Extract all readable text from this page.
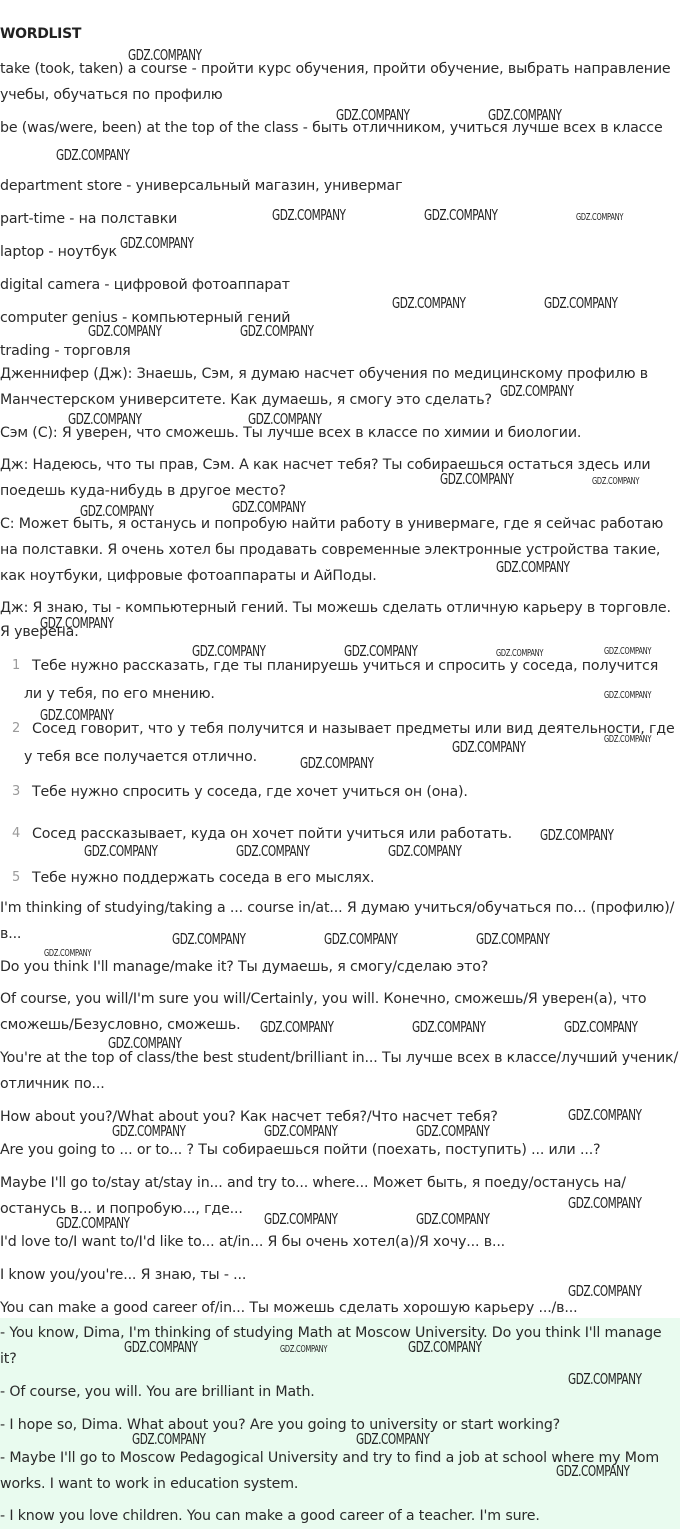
WORDLIST

take (took, taken) a course - пройти курс обучения, пройти обучение, выбрать направление учебы, обучаться по профилю

be (was/were, been) at the top of the class - быть отличником, учиться лучше всех в классе

department store - универсальный магазин, универмаг

part-time - на полставки

laptop - ноутбук

digital camera - цифровой фотоаппарат

computer genius - компьютерный гений

trading - торговля

Дженнифер (Дж): Знаешь, Сэм, я думаю насчет обучения по медицинскому профилю в Манчестерском университете. Как думаешь, я смогу это сделать?

Сэм (С): Я уверен, что сможешь. Ты лучше всех в классе по химии и биологии.

Дж: Надеюсь, что ты прав, Сэм. А как насчет тебя? Ты собираешься остаться здесь или поедешь куда-нибудь в другое место?

С: Может быть, я останусь и попробую найти работу в универмаге, где я сейчас работаю на полставки. Я очень хотел бы продавать современные электронные устройства такие, как ноутбуки, цифровые фотоаппараты и АйПоды.

Дж: Я знаю, ты - компьютерный гений. Ты можешь сделать отличную карьеру в торговле. Я уверена.

1 Тебе нужно рассказать, где ты планируешь учиться и спросить у соседа, получится ли у тебя, по его мнению.
2 Сосед говорит, что у тебя получится и называет предметы или вид деятельности, где у тебя все получается отлично.
3 Тебе нужно спросить у соседа, где хочет учиться он (она).
4 Сосед рассказывает, куда он хочет пойти учиться или работать.
5 Тебе нужно поддержать соседа в его мыслях.

I'm thinking of studying/taking a ... course in/at... Я думаю учиться/обучаться по... (профилю)/в...

Do you think I'll manage/make it? Ты думаешь, я смогу/сделаю это?

Of course, you will/I'm sure you will/Certainly, you will. Конечно, сможешь/Я уверен(а), что сможешь/Безусловно, сможешь.

You're at the top of class/the best student/brilliant in... Ты лучше всех в классе/лучший ученик/отличник по...

How about you?/What about you? Как насчет тебя?/Что насчет тебя?

Are you going to ... or to... ? Ты собираешься пойти (поехать, поступить) ... или ...?

Maybe I'll go to/stay at/stay in... and try to... where... Может быть, я поеду/останусь на/останусь в... и попробую..., где...

I'd love to/I want to/I'd like to... at/in... Я бы очень хотел(а)/Я хочу... в...

I know you/you're... Я знаю, ты - ...

You can make a good career of/in... Ты можешь сделать хорошую карьеру .../в...

- You know, Dima, I'm thinking of studying Math at Moscow University. Do you think I'll manage it?

- Of course, you will. You are brilliant in Math.

- I hope so, Dima. What about you? Are you going to university or start working?

- Maybe I'll go to Moscow Pedagogical University and try to find a job at school where my Mom works. I want to work in education system.

- I know you love children. You can make a good career of a teacher. I'm sure.

GDZ.COMPANY
GDZ.COMPANY	GDZ.COMPANY
GDZ.COMPANY
GDZ.COMPANY	GDZ.COMPANY	GDZ.COMPANY
GDZ.COMPANY
GDZ.COMPANY	GDZ.COMPANY
GDZ.COMPANY	GDZ.COMPANY
GDZ.COMPANY
GDZ.COMPANY	GDZ.COMPANY
GDZ.COMPANY	GDZ.COMPANY
GDZ.COMPANY	GDZ.COMPANY
GDZ.COMPANY
GDZ.COMPANY
GDZ.COMPANY	GDZ.COMPANY	GDZ.COMPANY	GDZ.COMPANY
GDZ.COMPANY
GDZ.COMPANY
GDZ.COMPANY
GDZ.COMPANY
GDZ.COMPANY
GDZ.COMPANY
GDZ.COMPANY	GDZ.COMPANY	GDZ.COMPANY
GDZ.COMPANY	GDZ.COMPANY	GDZ.COMPANY
GDZ.COMPANY
GDZ.COMPANY	GDZ.COMPANY	GDZ.COMPANY
GDZ.COMPANY
GDZ.COMPANY
GDZ.COMPANY	GDZ.COMPANY	GDZ.COMPANY
GDZ.COMPANY
GDZ.COMPANY	GDZ.COMPANY	GDZ.COMPANY
GDZ.COMPANY
GDZ.COMPANY	GDZ.COMPANY	GDZ.COMPANY
GDZ.COMPANY
GDZ.COMPANY	GDZ.COMPANY
GDZ.COMPANY
